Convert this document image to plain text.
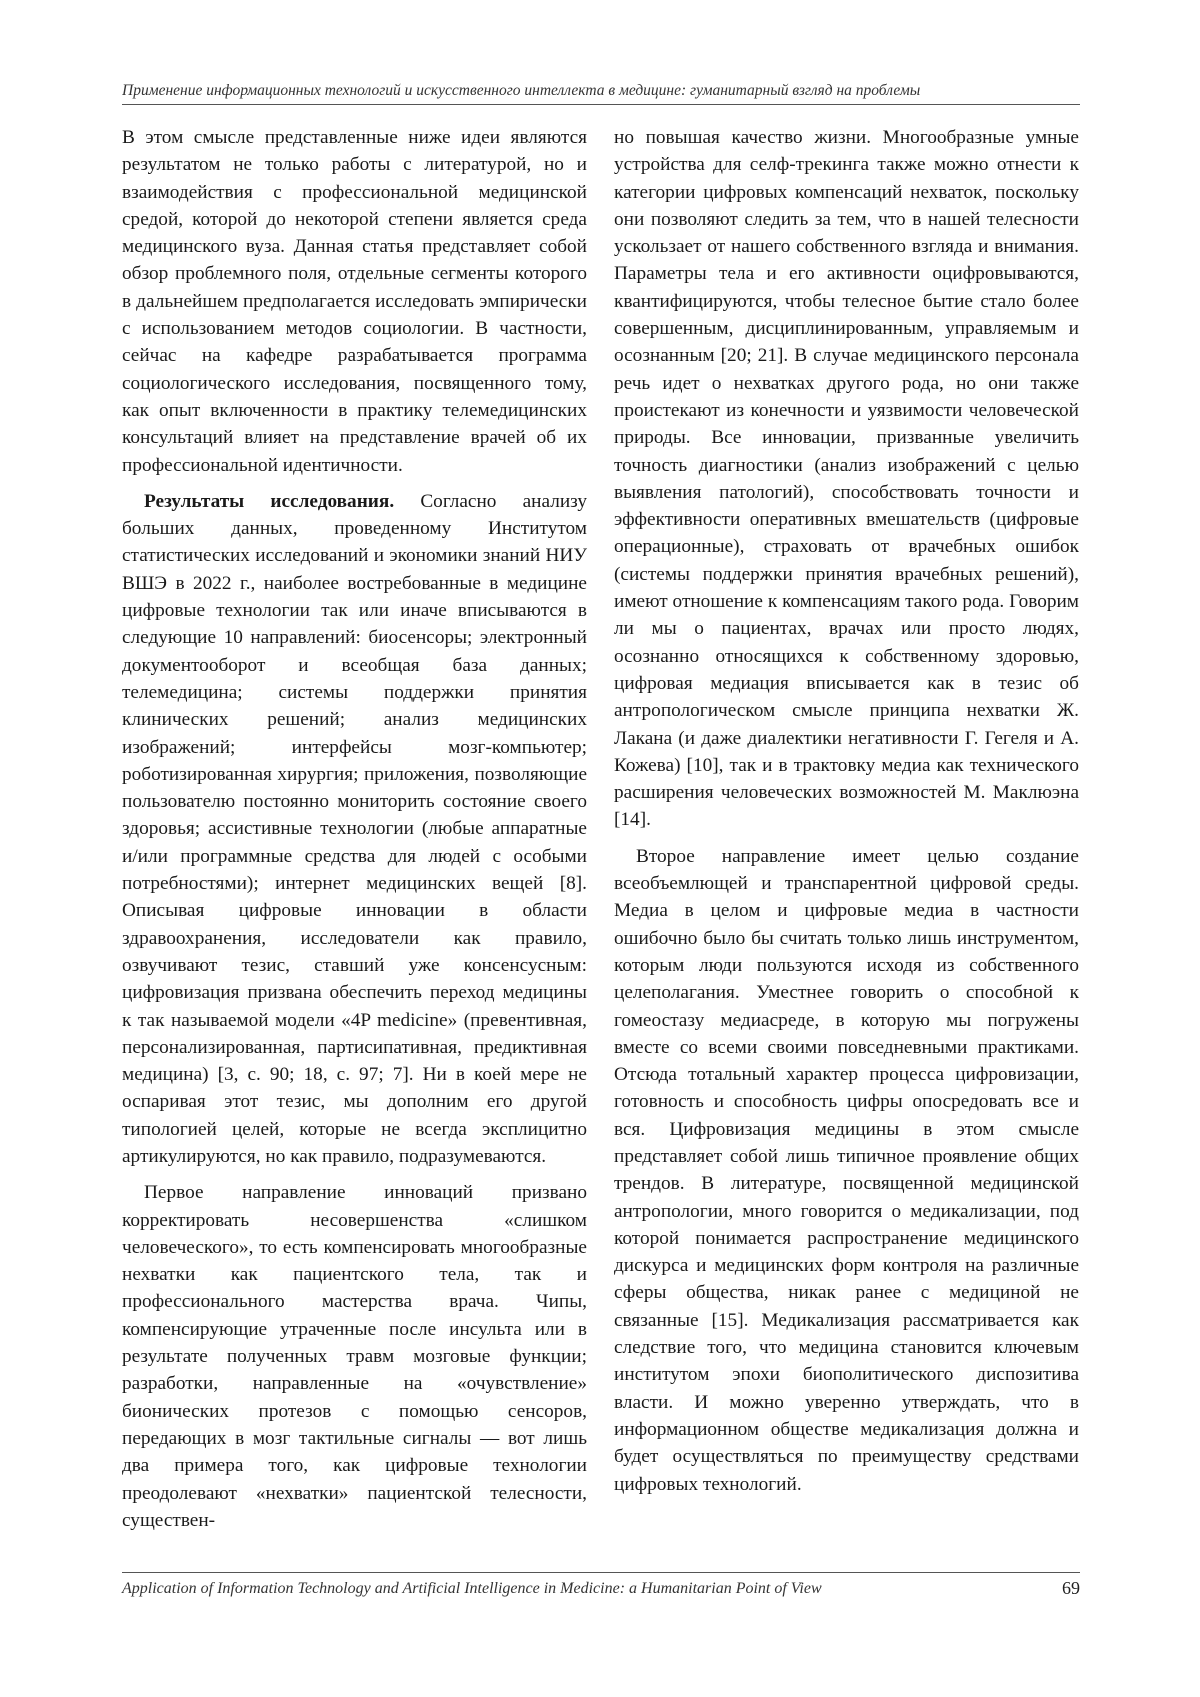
Применение информационных технологий и искусственного интеллекта в медицине: гуманитарный взгляд на проблемы

В этом смысле представленные ниже идеи являются результатом не только работы с литературой, но и взаимодействия с профессиональной медицинской средой, которой до некоторой степени является среда медицинского вуза. Данная статья представляет собой обзор проблемного поля, отдельные сегменты которого в дальнейшем предполагается исследовать эмпирически с использованием методов социологии. В частности, сейчас на кафедре разрабатывается программа социологического исследования, посвященного тому, как опыт включенности в практику телемедицинских консультаций влияет на представление врачей об их профессиональной идентичности.

Результаты исследования. Согласно анализу больших данных, проведенному Институтом статистических исследований и экономики знаний НИУ ВШЭ в 2022 г., наиболее востребованные в медицине цифровые технологии так или иначе вписываются в следующие 10 направлений: биосенсоры; электронный документооборот и всеобщая база данных; телемедицина; системы поддержки принятия клинических решений; анализ медицинских изображений; интерфейсы мозг-компьютер; роботизированная хирургия; приложения, позволяющие пользователю постоянно мониторить состояние своего здоровья; ассистивные технологии (любые аппаратные и/или программные средства для людей с особыми потребностями); интернет медицинских вещей [8]. Описывая цифровые инновации в области здравоохранения, исследователи как правило, озвучивают тезис, ставший уже консенсусным: цифровизация призвана обеспечить переход медицины к так называемой модели «4P medicine» (превентивная, персонализированная, партисипативная, предиктивная медицина) [3, с. 90; 18, с. 97; 7]. Ни в коей мере не оспаривая этот тезис, мы дополним его другой типологией целей, которые не всегда эксплицитно артикулируются, но как правило, подразумеваются.

Первое направление инноваций призвано корректировать несовершенства «слишком человеческого», то есть компенсировать многообразные нехватки как пациентского тела, так и профессионального мастерства врача. Чипы, компенсирующие утраченные после инсульта или в результате полученных травм мозговые функции; разработки, направленные на «очувствление» бионических протезов с помощью сенсоров, передающих в мозг тактильные сигналы — вот лишь два примера того, как цифровые технологии преодолевают «нехватки» пациентской телесности, существен-

но повышая качество жизни. Многообразные умные устройства для селф-трекинга также можно отнести к категории цифровых компенсаций нехваток, поскольку они позволяют следить за тем, что в нашей телесности ускользает от нашего собственного взгляда и внимания. Параметры тела и его активности оцифровываются, квантифицируются, чтобы телесное бытие стало более совершенным, дисциплинированным, управляемым и осознанным [20; 21]. В случае медицинского персонала речь идет о нехватках другого рода, но они также проистекают из конечности и уязвимости человеческой природы. Все инновации, призванные увеличить точность диагностики (анализ изображений с целью выявления патологий), способствовать точности и эффективности оперативных вмешательств (цифровые операционные), страховать от врачебных ошибок (системы поддержки принятия врачебных решений), имеют отношение к компенсациям такого рода. Говорим ли мы о пациентах, врачах или просто людях, осознанно относящихся к собственному здоровью, цифровая медиация вписывается как в тезис об антропологическом смысле принципа нехватки Ж. Лакана (и даже диалектики негативности Г. Гегеля и А. Кожева) [10], так и в трактовку медиа как технического расширения человеческих возможностей М. Маклюэна [14].

Второе направление имеет целью создание всеобъемлющей и транспарентной цифровой среды. Медиа в целом и цифровые медиа в частности ошибочно было бы считать только лишь инструментом, которым люди пользуются исходя из собственного целеполагания. Уместнее говорить о способной к гомеостазу медиасреде, в которую мы погружены вместе со всеми своими повседневными практиками. Отсюда тотальный характер процесса цифровизации, готовность и способность цифры опосредовать все и вся. Цифровизация медицины в этом смысле представляет собой лишь типичное проявление общих трендов. В литературе, посвященной медицинской антропологии, много говорится о медикализации, под которой понимается распространение медицинского дискурса и медицинских форм контроля на различные сферы общества, никак ранее с медициной не связанные [15]. Медикализация рассматривается как следствие того, что медицина становится ключевым институтом эпохи биополитического диспозитива власти. И можно уверенно утверждать, что в информационном обществе медикализация должна и будет осуществляться по преимуществу средствами цифровых технологий.

Application of Information Technology and Artificial Intelligence in Medicine: a Humanitarian Point of View	69
